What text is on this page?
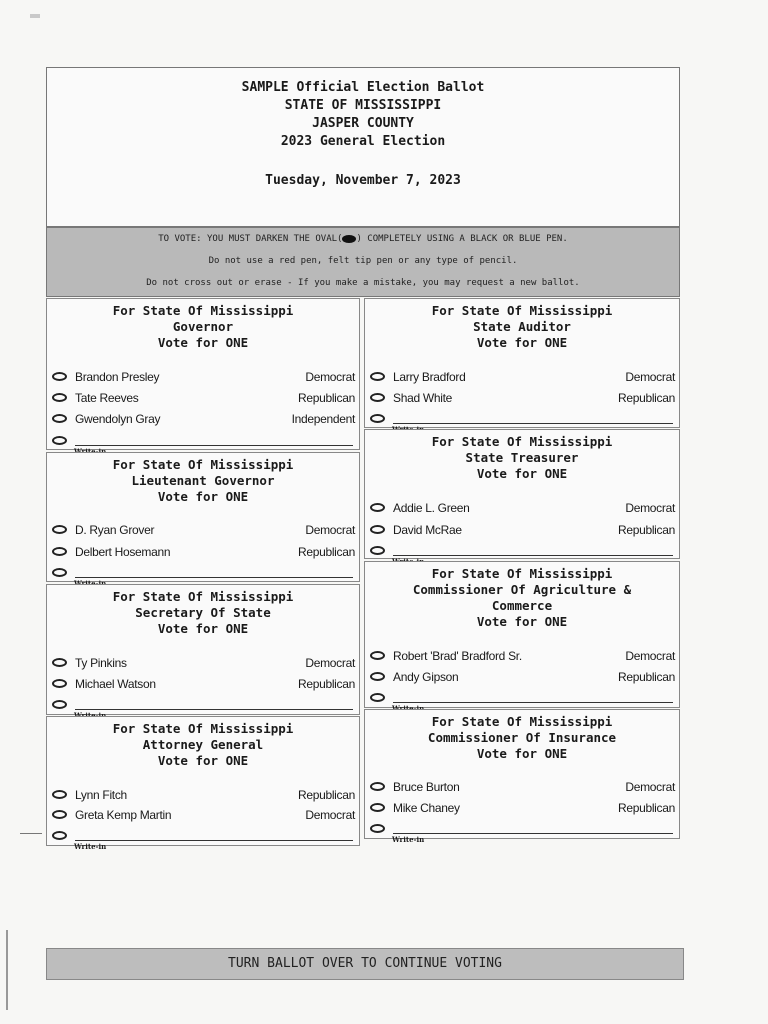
SAMPLE Official Election Ballot
STATE OF MISSISSIPPI
JASPER COUNTY
2023 General Election
Tuesday, November 7, 2023
TO VOTE: YOU MUST DARKEN THE OVAL( ) COMPLETELY USING A BLACK OR BLUE PEN.
Do not use a red pen, felt tip pen or any type of pencil.
Do not cross out or erase - If you make a mistake, you may request a new ballot.
For State Of Mississippi
Governor
Vote for ONE
Brandon Presley	Democrat
Tate Reeves	Republican
Gwendolyn Gray	Independent
For State Of Mississippi
Lieutenant Governor
Vote for ONE
D. Ryan Grover	Democrat
Delbert Hosemann	Republican
For State Of Mississippi
Secretary Of State
Vote for ONE
Ty Pinkins	Democrat
Michael Watson	Republican
For State Of Mississippi
Attorney General
Vote for ONE
Lynn Fitch	Republican
Greta Kemp Martin	Democrat
Write-in
For State Of Mississippi
State Auditor
Vote for ONE
Larry Bradford	Democrat
Shad White	Republican
For State Of Mississippi
State Treasurer
Vote for ONE
Addie L. Green	Democrat
David McRae	Republican
For State Of Mississippi
Commissioner Of Agriculture &
Commerce
Vote for ONE
Robert 'Brad' Bradford Sr.	Democrat
Andy Gipson	Republican
For State Of Mississippi
Commissioner Of Insurance
Vote for ONE
Bruce Burton	Democrat
Mike Chaney	Republican
Write-in
TURN BALLOT OVER TO CONTINUE VOTING
